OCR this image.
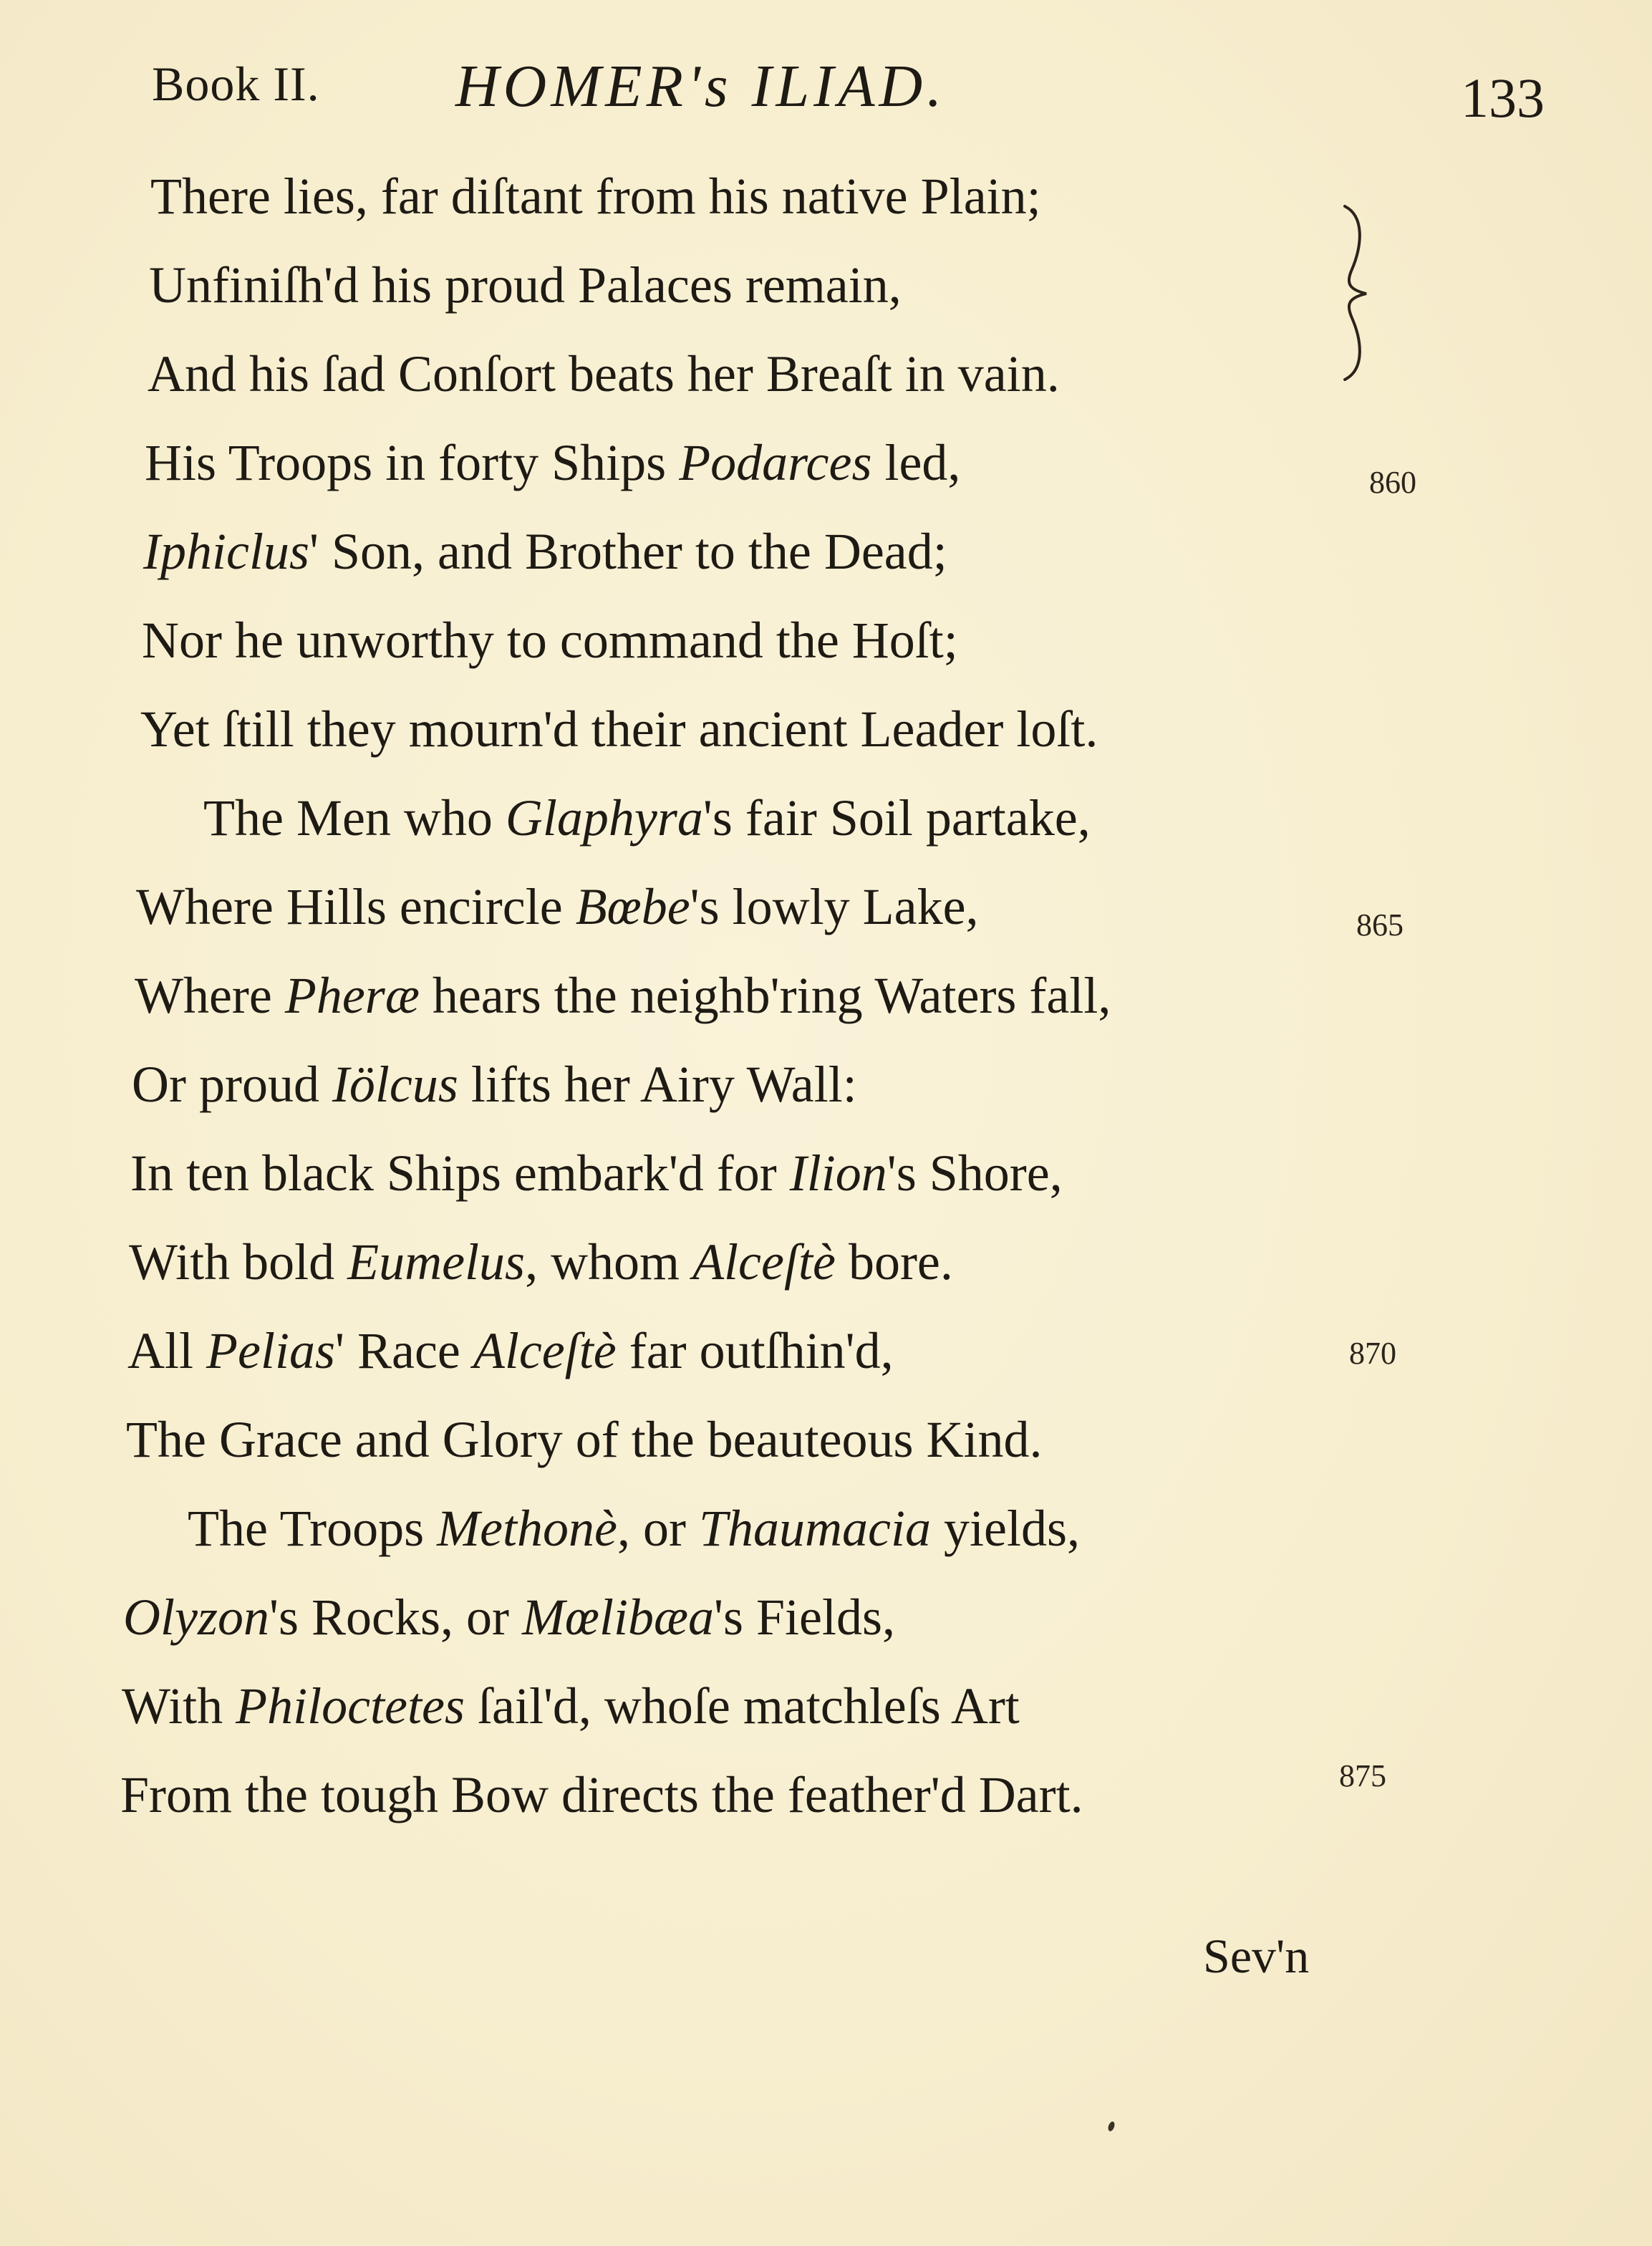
Book II. HOMER's ILIAD.	133
There lies, far diſtant from his native Plain;
Unfiniſh'd his proud Palaces remain,
And his ſad Conſort beats her Breaſt in vain.
His Troops in forty Ships Podarces led,
Iphiclus' Son, and Brother to the Dead;
Nor he unworthy to command the Hoſt;
Yet ſtill they mourn'd their ancient Leader loſt.
The Men who Glaphyra's fair Soil partake,
Where Hills encircle Bœbe's lowly Lake,
Where Pheræ hears the neighb'ring Waters fall,
Or proud Iölcus lifts her Airy Wall:
In ten black Ships embark'd for Ilion's Shore,
With bold Eumelus, whom Alceſtè bore.
All Pelias' Race Alceſtè far outſhin'd,
The Grace and Glory of the beauteous Kind.
The Troops Methonè, or Thaumacia yields,
Olyzon's Rocks, or Mœlibæa's Fields,
With Philoctetes ſail'd, whoſe matchleſs Art
From the tough Bow directs the feather'd Dart.
860
865
870
875
Sev'n
